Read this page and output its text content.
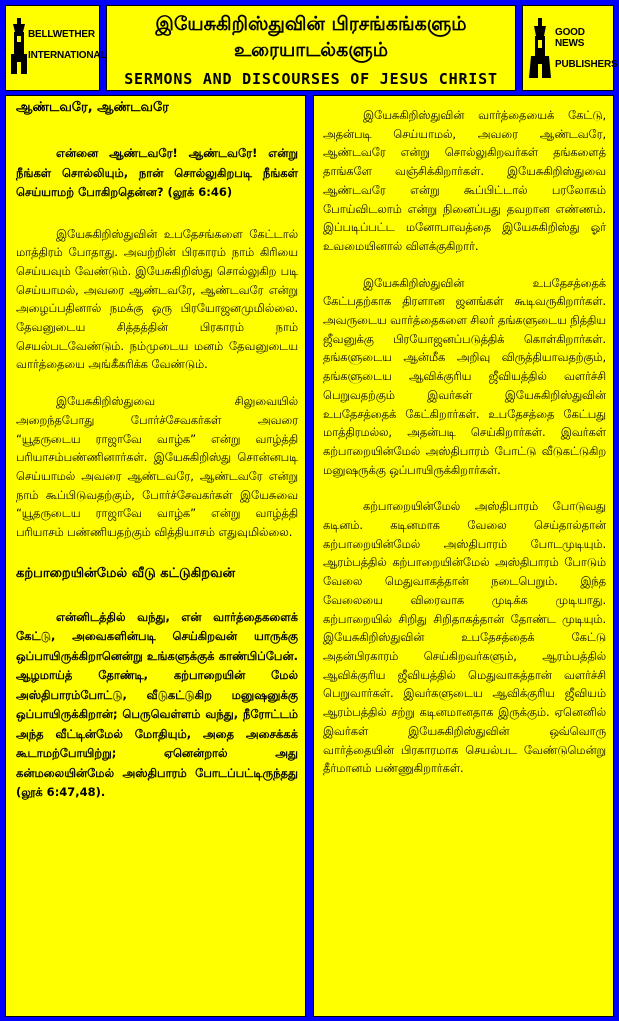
BELLWETHER
INTERNATIONAL
இயேசுகிறிஸ்துவின் பிரசங்கங்களும்
உரையாடல்களும்
SERMONS AND DISCOURSES OF JESUS CHRIST
GOOD NEWS
PUBLISHERS
ஆண்டவரே, ஆண்டவரே
என்னை ஆண்டவரே! ஆண்டவரே! என்று நீங்கள் சொல்லியும், நான் சொல்லுகிறபடி நீங்கள் செய்யாமற் போகிறதென்ன? (லூக் 6:46)
இயேசுகிறிஸ்துவின் உபதேசங்களை கேட்டால் மாத்திரம் போதாது. அவற்றின் பிரகாரம் நாம் கிரியை செய்யவும் வேண்டும். இயேசுகிறிஸ்து சொல்லுகிற படி செய்யாமல், அவரை ஆண்டவரே, ஆண்டவரே என்று அழைப்பதினால் நமக்கு ஒரு பிரயோஜனமுமில்லை. தேவனுடைய சித்தத்தின் பிரகாரம் நாம் செயல்படவேண்டும். நம்முடைய மனம் தேவனுடைய வார்த்தையை அங்கீகரிக்க வேண்டும்.
இயேசுகிறிஸ்துவை சிலுவையில் அறைந்தபோது போர்ச்சேவகர்கள் அவரை “யூதருடைய ராஜாவே வாழ்க” என்று வாழ்த்தி பரியாசம்பண்ணினார்கள். இயேசுகிறிஸ்து சொன்னபடி செய்யாமல் அவரை ஆண்டவரே, ஆண்டவரே என்று நாம் கூப்பிடுவதற்கும், போர்ச்சேவகர்கள் இயேசுவை “யூதருடைய ராஜாவே வாழ்க” என்று வாழ்த்தி பரியாசம் பண்ணியதற்கும் வித்தியாசம் எதுவுமில்லை.
கற்பாறையின்மேல் வீடு கட்டுகிறவன்
என்னிடத்தில் வந்து, என் வார்த்தைகளைக் கேட்டு, அவைகளின்படி செய்கிறவன் யாருக்கு ஒப்பாயிருக்கிறானென்று உங்களுக்குக் காண்பிப்பேன். ஆழமாய்த் தோண்டி, கற்பாறையின் மேல் அஸ்திபாரம்போட்டு, வீடுகட்டுகிற மனுஷனுக்கு ஒப்பாயிருக்கிறான்; பெருவெள்ளம் வந்து, நீரோட்டம் அந்த வீட்டின்மேல் மோதியும், அதை அசைக்கக் கூடாமற்போயிற்று; ஏனென்றால் அது கன்மலையின்மேல் அஸ்திபாரம் போடப்பட்டிருந்தது (லூக் 6:47,48).
இயேசுகிறிஸ்துவின் வார்த்தையைக் கேட்டு, அதன்படி செய்யாமல், அவரை ஆண்டவரே, ஆண்டவரே என்று சொல்லுகிறவர்கள் தங்களைத் தாங்களே வஞ்சிக்கிறார்கள். இயேசுகிறிஸ்துவை ஆண்டவரே என்று கூப்பிட்டால் பரலோகம் போய்விடலாம் என்று நினைப்பது தவறான எண்ணம். இப்படிப்பட்ட மனோபாவத்தை இயேசுகிறிஸ்து ஓர் உவமையினால் விளக்குகிறார்.
இயேசுகிறிஸ்துவின் உபதேசத்தைக் கேட்பதற்காக திரளான ஜனங்கள் கூடிவருகிறார்கள். அவருடைய வார்த்தைகளை சிலர் தங்களுடைய நித்திய ஜீவனுக்கு பிரயோஜனப்படுத்திக் கொள்கிறார்கள். தங்களுடைய ஆன்மீக அறிவு விருத்தியாவதற்கும், தங்களுடைய ஆவிக்குரிய ஜீவியத்தில் வளர்ச்சி பெறுவதற்கும் இவர்கள் இயேசுகிறிஸ்துவின் உபதேசத்தைக் கேட்கிறார்கள். உபதேசத்தை கேட்பது மாத்திரமல்ல, அதன்படி செய்கிறார்கள். இவர்கள் கற்பாறையின்மேல் அஸ்திபாரம் போட்டு வீடுகட்டுகிற மனுஷருக்கு ஒப்பாயிருக்கிறார்கள்.
கற்பாறையின்மேல் அஸ்திபாரம் போடுவது கடினம். கடினமாக வேலை செய்தால்தான் கற்பாறையின்மேல் அஸ்திபாரம் போடமுடியும். ஆரம்பத்தில் கற்பாறையின்மேல் அஸ்திபாரம் போடும் வேலை மெதுவாகத்தான் நடைபெறும். இந்த வேலையை விரைவாக முடிக்க முடியாது. கற்பாறையில் சிறிது சிறிதாகத்தான் தோண்ட முடியும். இயேசுகிறிஸ்துவின் உபதேசத்தைக் கேட்டு அதன்பிரகாரம் செய்கிறவர்களும், ஆரம்பத்தில் ஆவிக்குரிய ஜீவியத்தில் மெதுவாகத்தான் வளர்ச்சி பெறுவார்கள். இவர்களுடைய ஆவிக்குரிய ஜீவியம் ஆரம்பத்தில் சற்று கடினமானதாக இருக்கும். ஏனெனில் இவர்கள் இயேசுகிறிஸ்துவின் ஒவ்வொரு வார்த்தையின் பிரகாரமாக செயல்பட வேண்டுமென்று தீர்மானம் பண்ணுகிறார்கள்.
